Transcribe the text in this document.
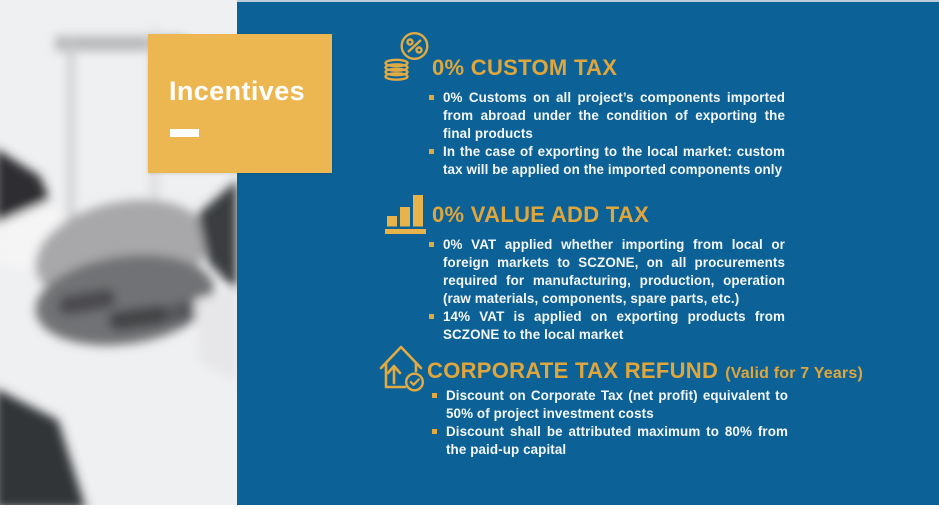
Incentives
0% CUSTOM TAX
0% Customs on all project’s components imported from abroad under the condition of exporting the final products
In the case of exporting to the local market: custom tax will be applied on the imported components only
0% VALUE ADD TAX
0% VAT applied whether importing from local or foreign markets to SCZONE, on all procurements required for manufacturing, production, operation (raw materials, components, spare parts, etc.)
14% VAT is applied on exporting products from SCZONE to the local market
CORPORATE TAX REFUND (Valid for 7 Years)
Discount on Corporate Tax (net profit) equivalent to 50% of project investment costs
Discount shall be attributed maximum to 80% from the paid-up capital
